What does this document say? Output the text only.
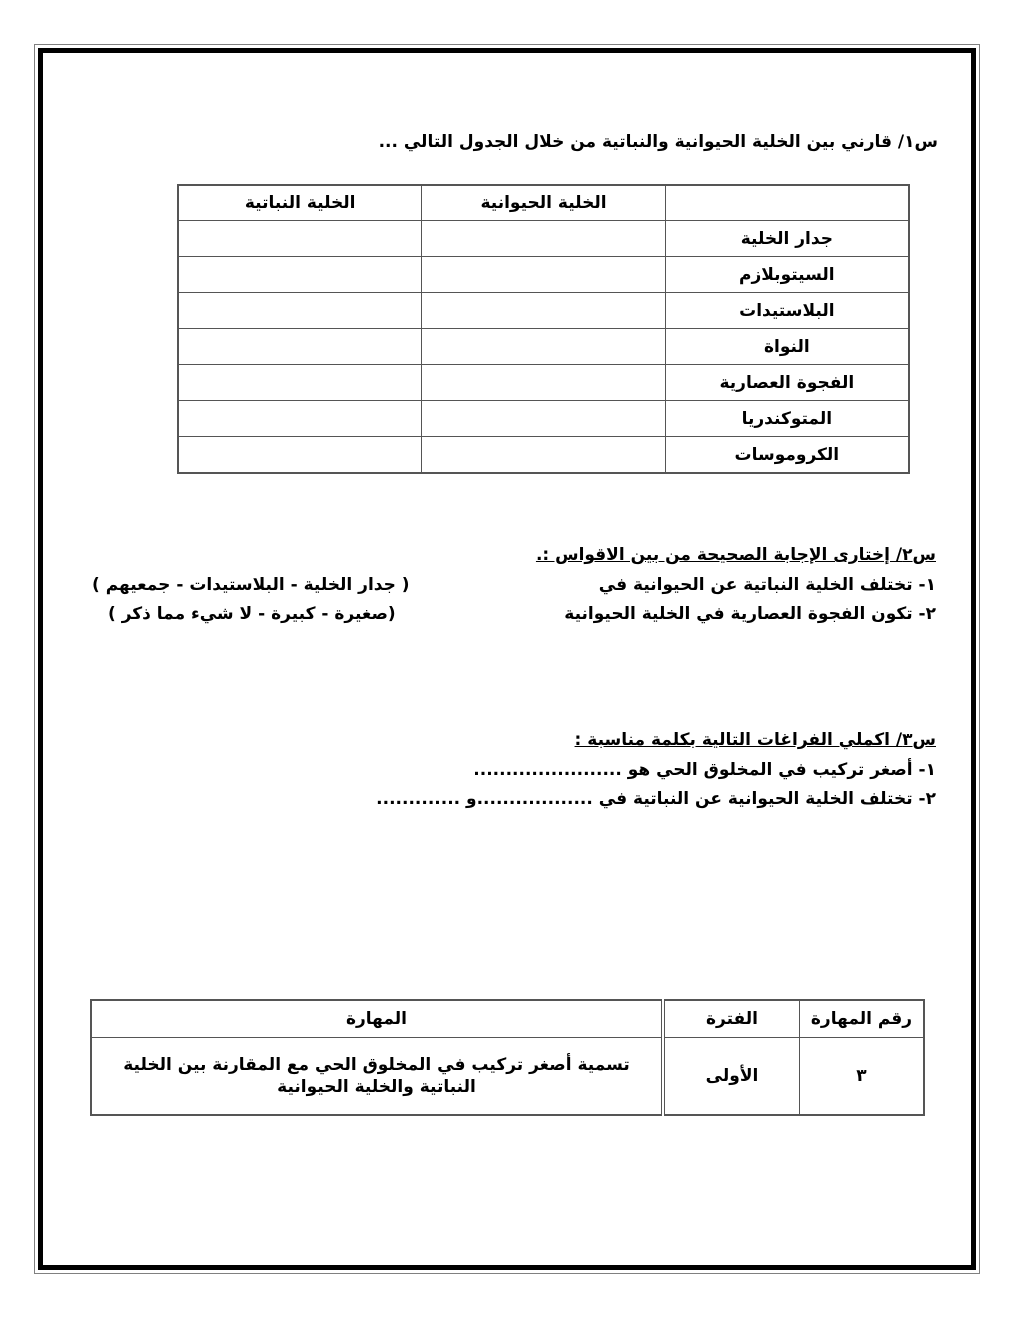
س١/ قارني بين الخلية الحيوانية والنباتية من خلال الجدول التالي ...
	الخلية الحيوانية	الخلية النباتية
جدار الخلية		
السيتوبلازم		
البلاستيدات		
النواة		
الفجوة العصارية		
المتوكندريا		
الكروموسات		
س٢/ إختارى الإجابة الصحيحة من بين الاقواس :.
١- تختلف الخلية النباتية عن الحيوانية في
( جدار الخلية - البلاستيدات - جمعيهم )
٢- تكون الفجوة العصارية في الخلية الحيوانية
(صغيرة - كبيرة - لا شيء مما ذكر )
س٣/ اكملي الفراغات التالية بكلمة مناسبة :
١- أصغر تركيب في المخلوق الحي هو .......................
٢- تختلف الخلية الحيوانية عن النباتية في ..................و .............
رقم المهارة	الفترة	المهارة
٣	الأولى	تسمية أصغر تركيب في المخلوق الحي مع المقارنة بين الخلية النباتية والخلية الحيوانية
